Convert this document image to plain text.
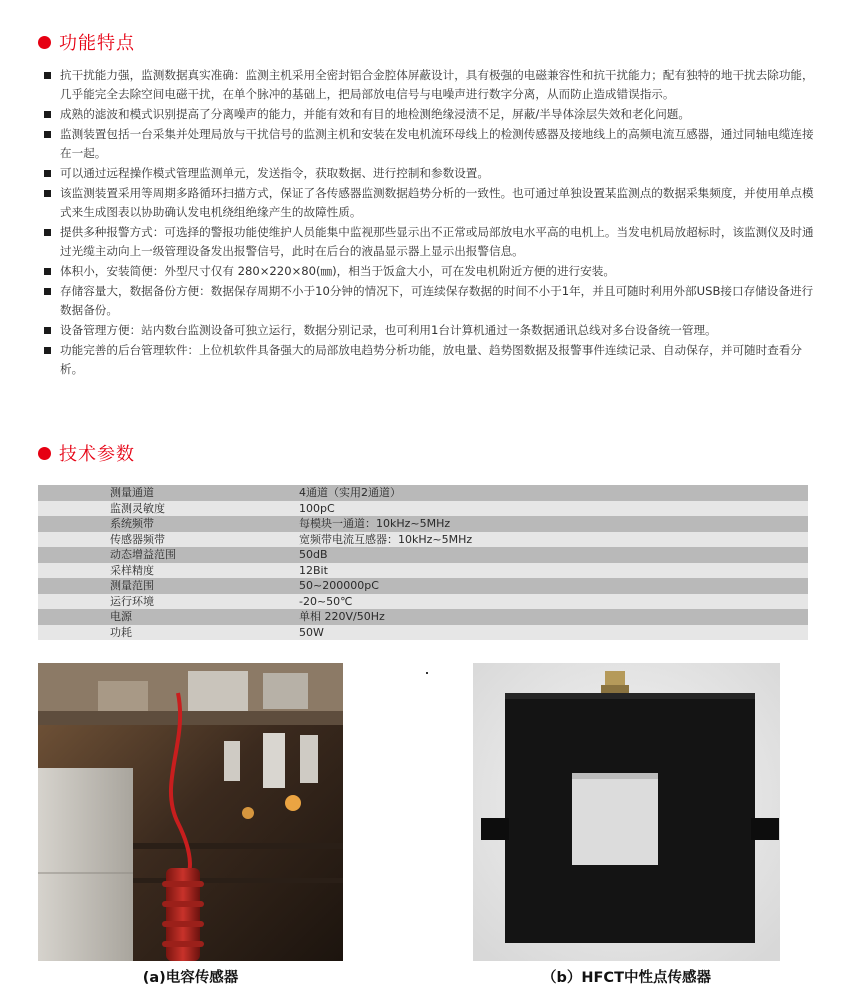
功能特点
抗干扰能力强，监测数据真实准确：监测主机采用全密封铝合金腔体屏蔽设计，具有极强的电磁兼容性和抗干扰能力；配有独特的地干扰去除功能，几乎能完全去除空间电磁干扰，在单个脉冲的基础上，把局部放电信号与电噪声进行数字分离，从而防止造成错误指示。
成熟的滤波和模式识别提高了分离噪声的能力，并能有效和有目的地检测绝缘浸渍不足，屏蔽/半导体涂层失效和老化问题。
监测装置包括一台采集并处理局放与干扰信号的监测主机和安装在发电机流环母线上的检测传感器及接地线上的高频电流互感器，通过同轴电缆连接在一起。
可以通过远程操作模式管理监测单元，发送指令，获取数据、进行控制和参数设置。
该监测装置采用等周期多路循环扫描方式，保证了各传感器监测数据趋势分析的一致性。也可通过单独设置某监测点的数据采集频度，并使用单点模式来生成图表以协助确认发电机绕组绝缘产生的故障性质。
提供多种报警方式：可选择的警报功能使维护人员能集中监视那些显示出不正常或局部放电水平高的电机上。当发电机局放超标时，该监测仪及时通过光缆主动向上一级管理设备发出报警信号，此时在后台的液晶显示器上显示出报警信息。
体积小，安装简便：外型尺寸仅有 280×220×80(㎜)，相当于饭盒大小，可在发电机附近方便的进行安装。
存储容量大，数据备份方便：数据保存周期不小于10分钟的情况下，可连续保存数据的时间不小于1年，并且可随时利用外部USB接口存储设备进行数据备份。
设备管理方便：站内数台监测设备可独立运行，数据分别记录，也可利用1台计算机通过一条数据通讯总线对多台设备统一管理。
功能完善的后台管理软件：上位机软件具备强大的局部放电趋势分析功能，放电量、趋势图数据及报警事件连续记录、自动保存，并可随时查看分析。
技术参数
测量通道	4通道（实用2通道）
监测灵敏度	100pC
系统频带	每模块一通道：10kHz~5MHz
传感器频带	宽频带电流互感器：10kHz~5MHz
动态增益范围	50dB
采样精度	12Bit
测量范围	50~200000pC
运行环境	-20~50℃
电源	单相 220V/50Hz
功耗	50W
(a)电容传感器	（b）HFCT中性点传感器
